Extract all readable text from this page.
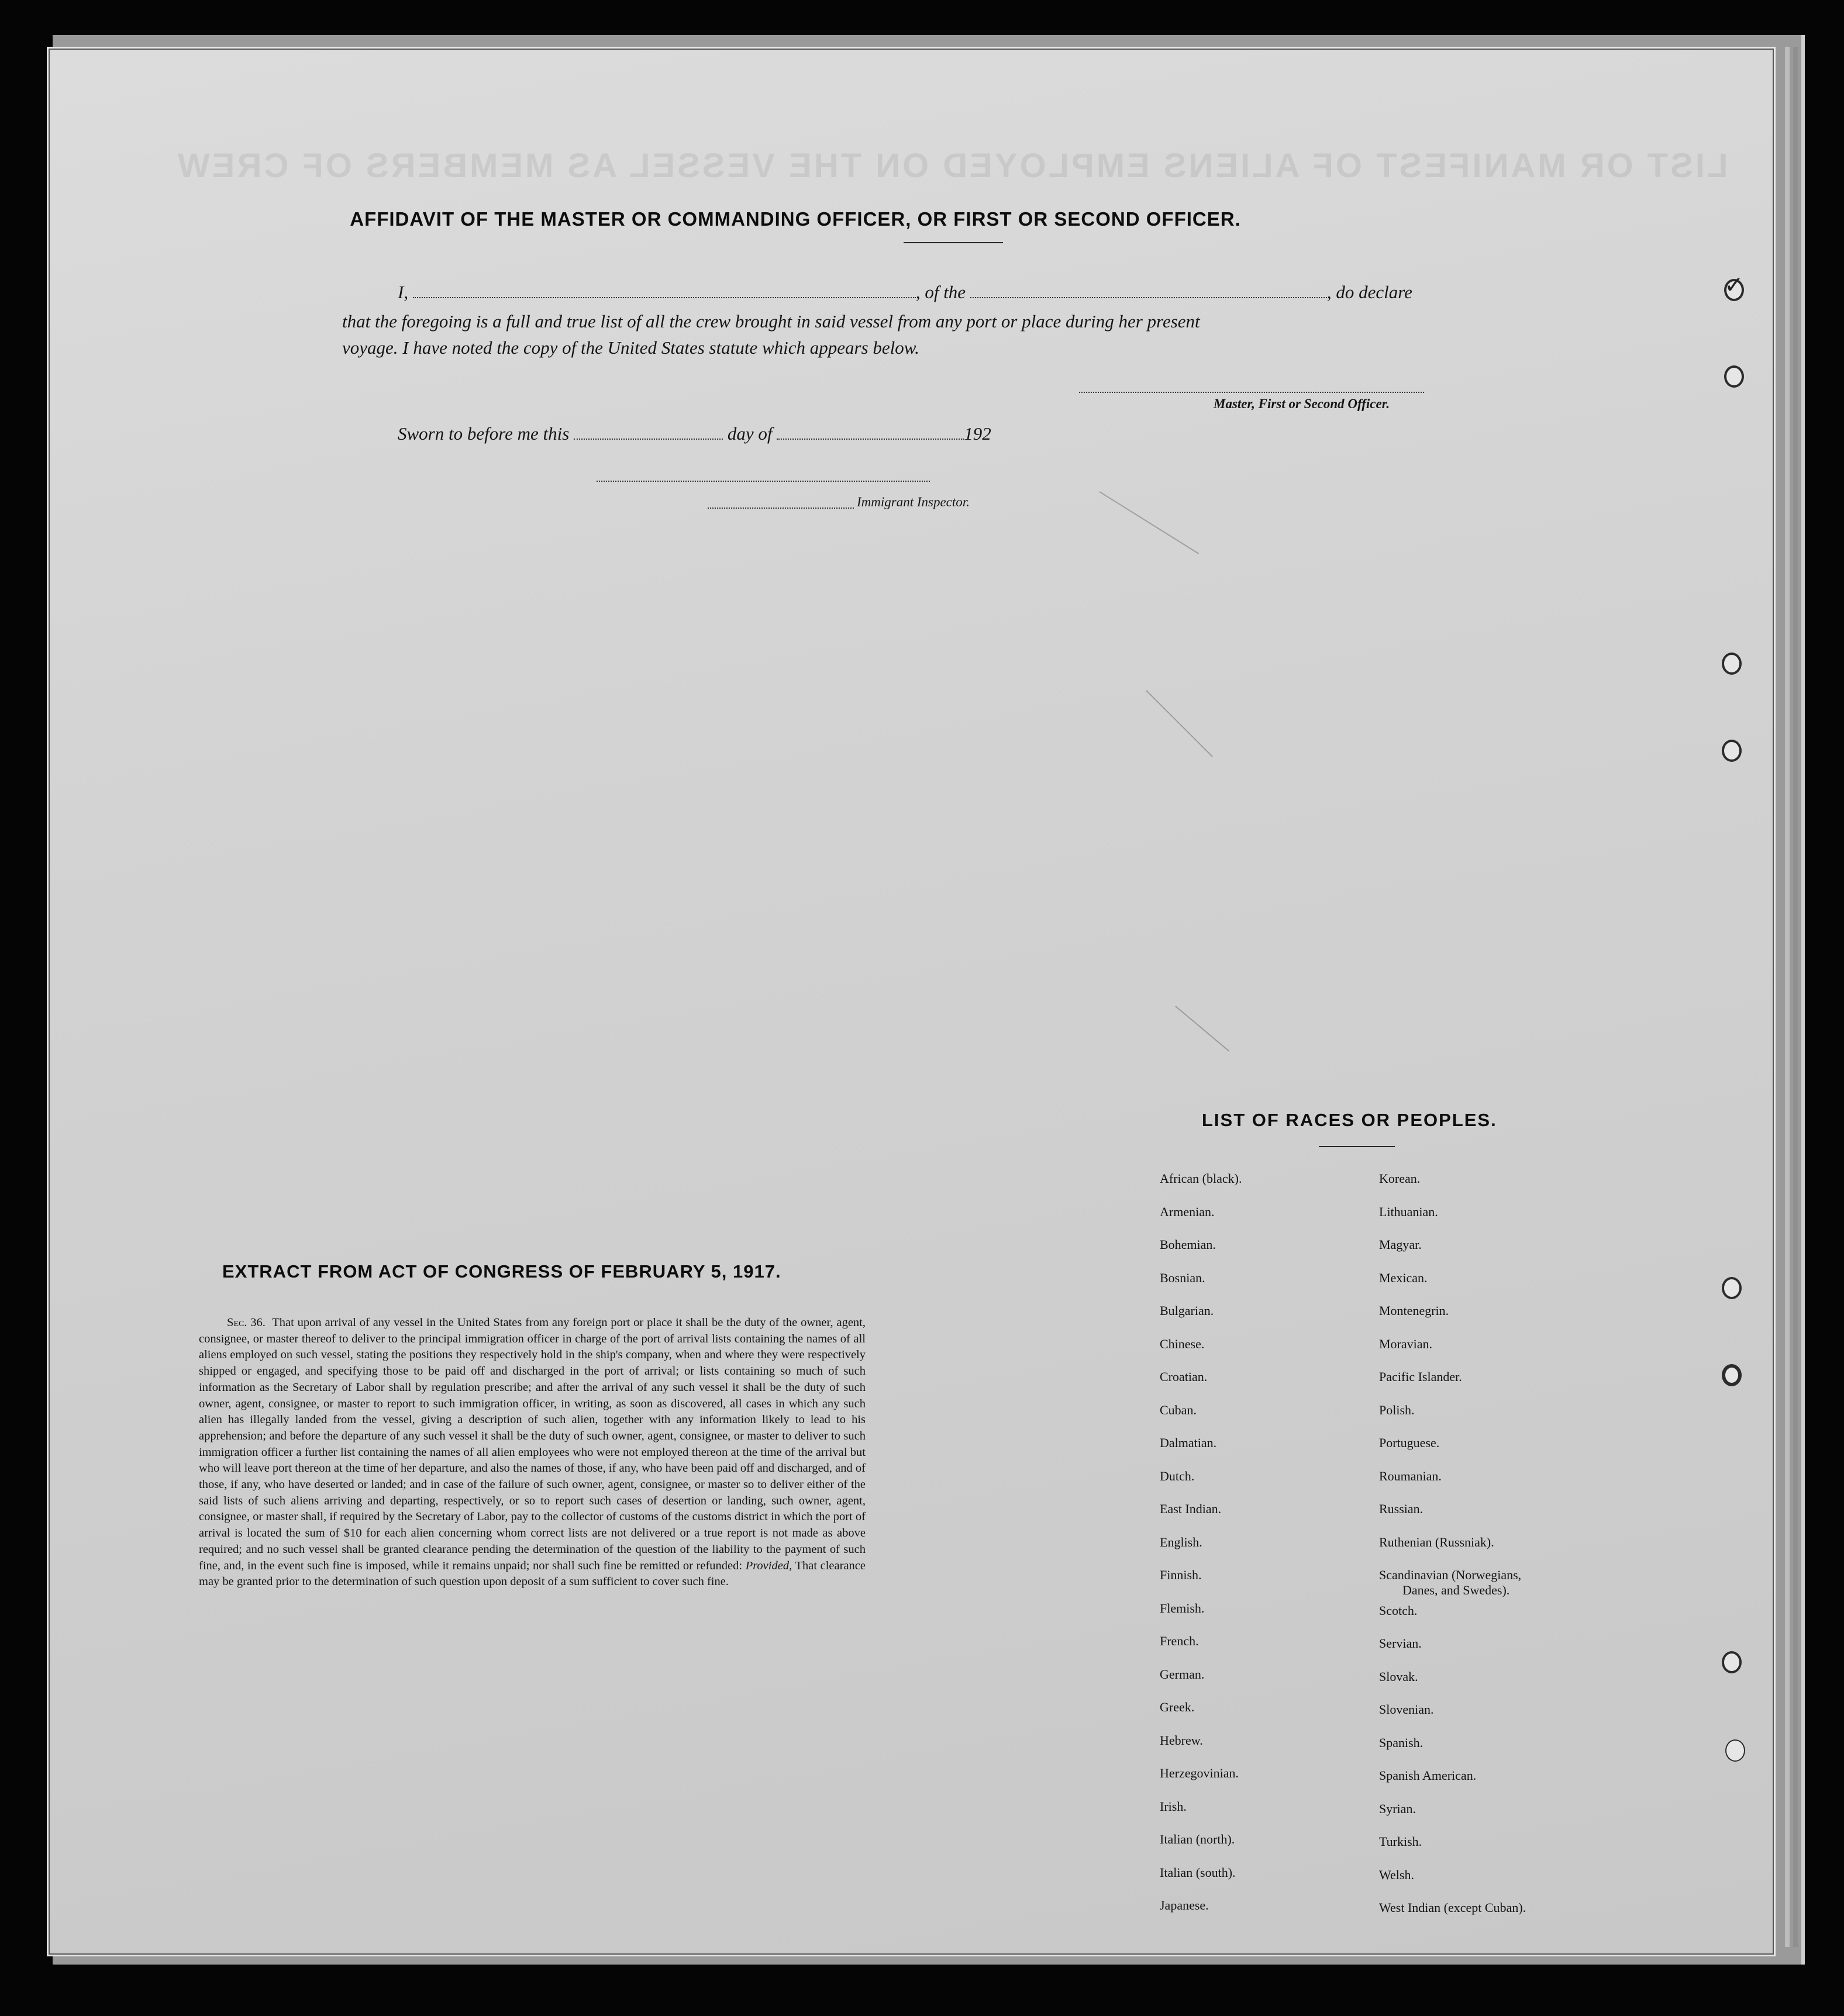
LIST OR MANIFEST OF ALIENS EMPLOYED ON THE VESSEL AS MEMBERS OF CREW
AFFIDAVIT OF THE MASTER OR COMMANDING OFFICER, OR FIRST OR SECOND OFFICER.
I,	, of the	, do declare
that the foregoing is a full and true list of all the crew brought in said vessel from any port or place during her present
voyage. I have noted the copy of the United States statute which appears below.
Master, First or Second Officer.
Sworn to before me this	day of	192
Immigrant Inspector.
EXTRACT FROM ACT OF CONGRESS OF FEBRUARY 5, 1917.

Sec. 36. That upon arrival of any vessel in the United States from any foreign port or place it shall be the duty of the owner, agent, consignee, or master thereof to deliver to the principal immigration officer in charge of the port of arrival lists containing the names of all aliens employed on such vessel, stating the positions they respectively hold in the ship's company, when and where they were respectively shipped or engaged, and specifying those to be paid off and discharged in the port of arrival; or lists containing so much of such information as the Secretary of Labor shall by regulation prescribe; and after the arrival of any such vessel it shall be the duty of such owner, agent, consignee, or master to report to such immigration officer, in writing, as soon as discovered, all cases in which any such alien has illegally landed from the vessel, giving a description of such alien, together with any information likely to lead to his apprehension; and before the departure of any such vessel it shall be the duty of such owner, agent, consignee, or master to deliver to such immigration officer a further list containing the names of all alien employees who were not employed thereon at the time of the arrival but who will leave port thereon at the time of her departure, and also the names of those, if any, who have been paid off and discharged, and of those, if any, who have deserted or landed; and in case of the failure of such owner, agent, consignee, or master so to deliver either of the said lists of such aliens arriving and departing, respectively, or so to report such cases of desertion or landing, such owner, agent, consignee, or master shall, if required by the Secretary of Labor, pay to the collector of customs of the customs district in which the port of arrival is located the sum of $10 for each alien concerning whom correct lists are not delivered or a true report is not made as above required; and no such vessel shall be granted clearance pending the determination of the question of the liability to the payment of such fine, and, in the event such fine is imposed, while it remains unpaid; nor shall such fine be remitted or refunded: Provided, That clearance may be granted prior to the determination of such question upon deposit of a sum sufficient to cover such fine.

LIST OF RACES OR PEOPLES.
African (black).
Armenian.
Bohemian.
Bosnian.
Bulgarian.
Chinese.
Croatian.
Cuban.
Dalmatian.
Dutch.
East Indian.
English.
Finnish.
Flemish.
French.
German.
Greek.
Hebrew.
Herzegovinian.
Irish.
Italian (north).
Italian (south).
Japanese.
Korean.
Lithuanian.
Magyar.
Mexican.
Montenegrin.
Moravian.
Pacific Islander.
Polish.
Portuguese.
Roumanian.
Russian.
Ruthenian (Russniak).
Scandinavian (Norwegians,
Danes, and Swedes).
Scotch.
Servian.
Slovak.
Slovenian.
Spanish.
Spanish American.
Syrian.
Turkish.
Welsh.
West Indian (except Cuban).
✓
